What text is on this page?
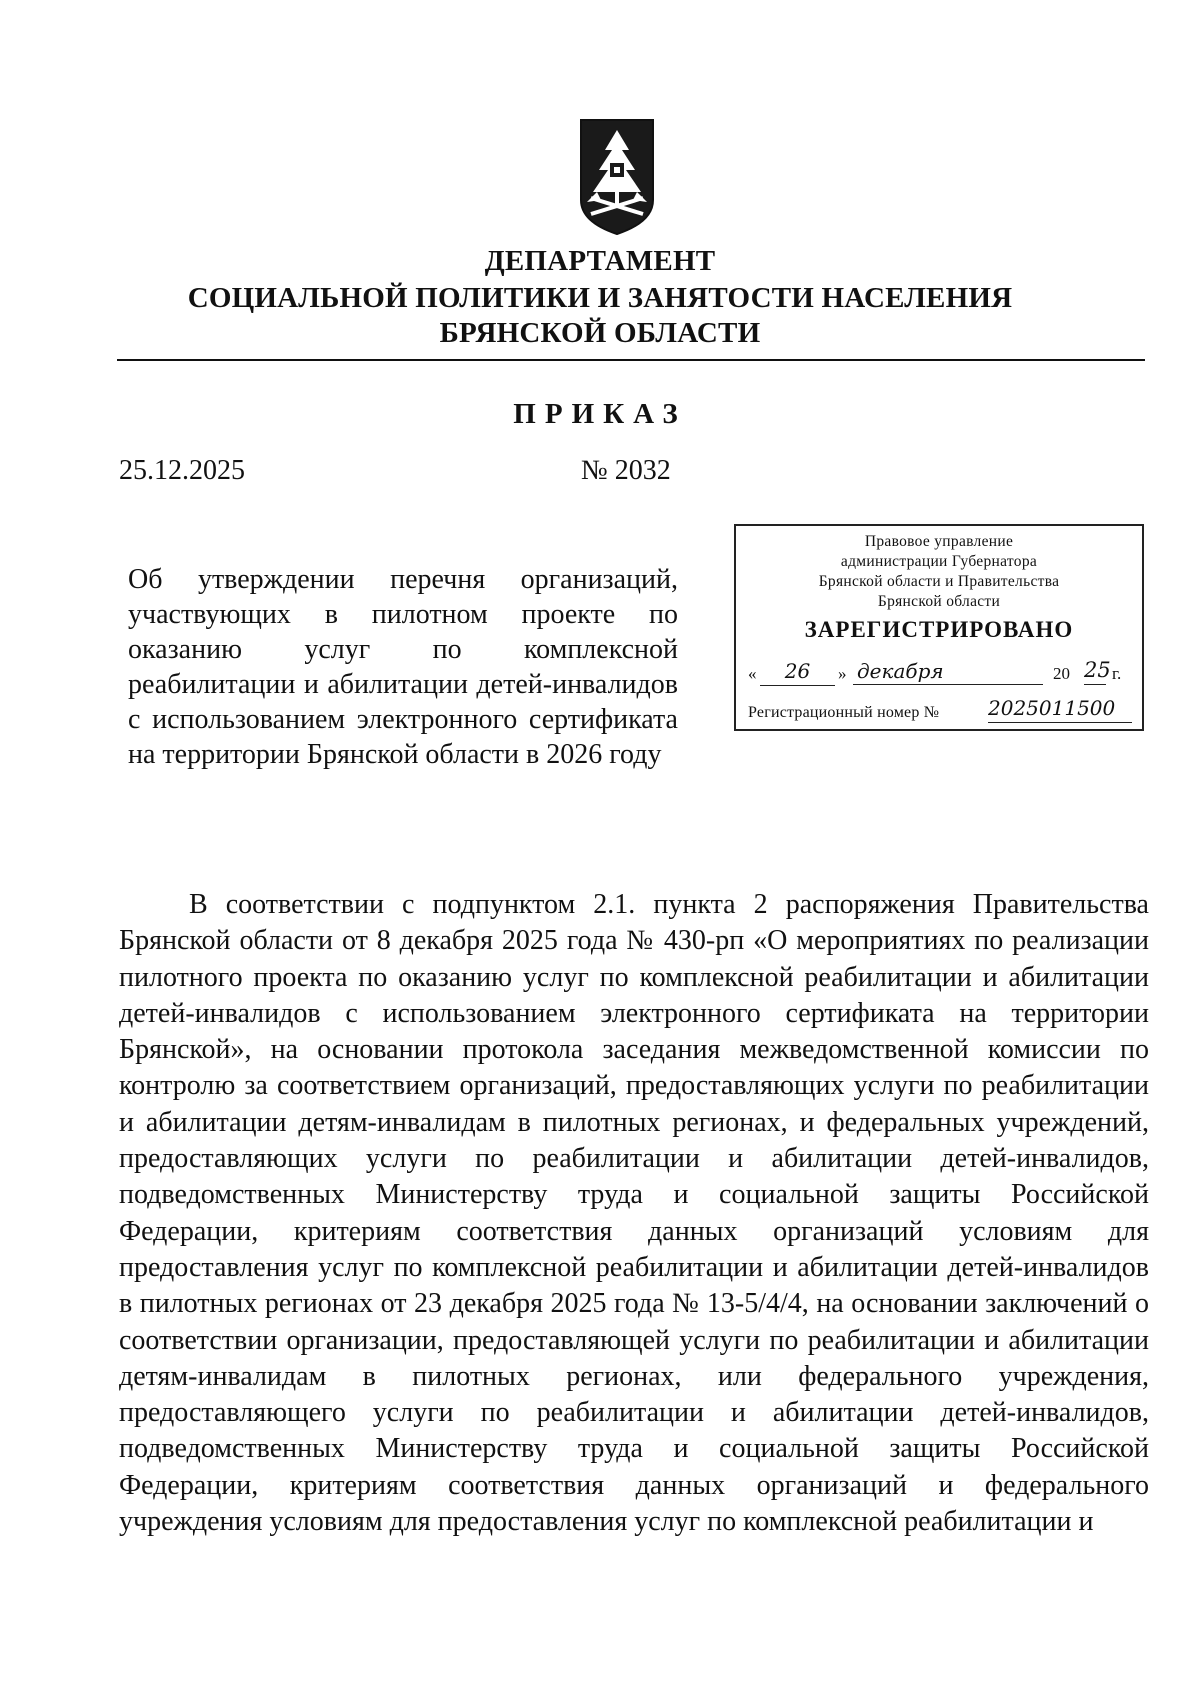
ДЕПАРТАМЕНТ
СОЦИАЛЬНОЙ ПОЛИТИКИ И ЗАНЯТОСТИ НАСЕЛЕНИЯ
БРЯНСКОЙ ОБЛАСТИ
ПРИКАЗ
25.12.2025	№ 2032
Об утверждении перечня организаций, участвующих в пилотном проекте по оказанию услуг по комплексной реабилитации и абилитации детей-инвалидов с использованием электронного сертификата на территории Брянской области в 2026 году
Правовое управление
администрации Губернатора
Брянской области и Правительства
Брянской области
ЗАРЕГИСТРИРОВАНО
«	26	» декабря	20 25 г.
Регистрационный номер № 2025011500

В соответствии с подпунктом 2.1. пункта 2 распоряжения Правительства Брянской области от 8 декабря 2025 года № 430-рп «О мероприятиях по реализации пилотного проекта по оказанию услуг по комплексной реабилитации и абилитации детей-инвалидов с использованием электронного сертификата на территории Брянской», на основании протокола заседания межведомственной комиссии по контролю за соответствием организаций, предоставляющих услуги по реабилитации и абилитации детям-инвалидам в пилотных регионах, и федеральных учреждений, предоставляющих услуги по реабилитации и абилитации детей-инвалидов, подведомственных Министерству труда и социальной защиты Российской Федерации, критериям соответствия данных организаций условиям для предоставления услуг по комплексной реабилитации и абилитации детей-инвалидов в пилотных регионах от 23 декабря 2025 года № 13-5/4/4, на основании заключений о соответствии организации, предоставляющей услуги по реабилитации и абилитации детям-инвалидам в пилотных регионах, или федерального учреждения, предоставляющего услуги по реабилитации и абилитации детей-инвалидов, подведомственных Министерству труда и социальной защиты Российской Федерации, критериям соответствия данных организаций и федерального учреждения условиям для предоставления услуг по комплексной реабилитации и
